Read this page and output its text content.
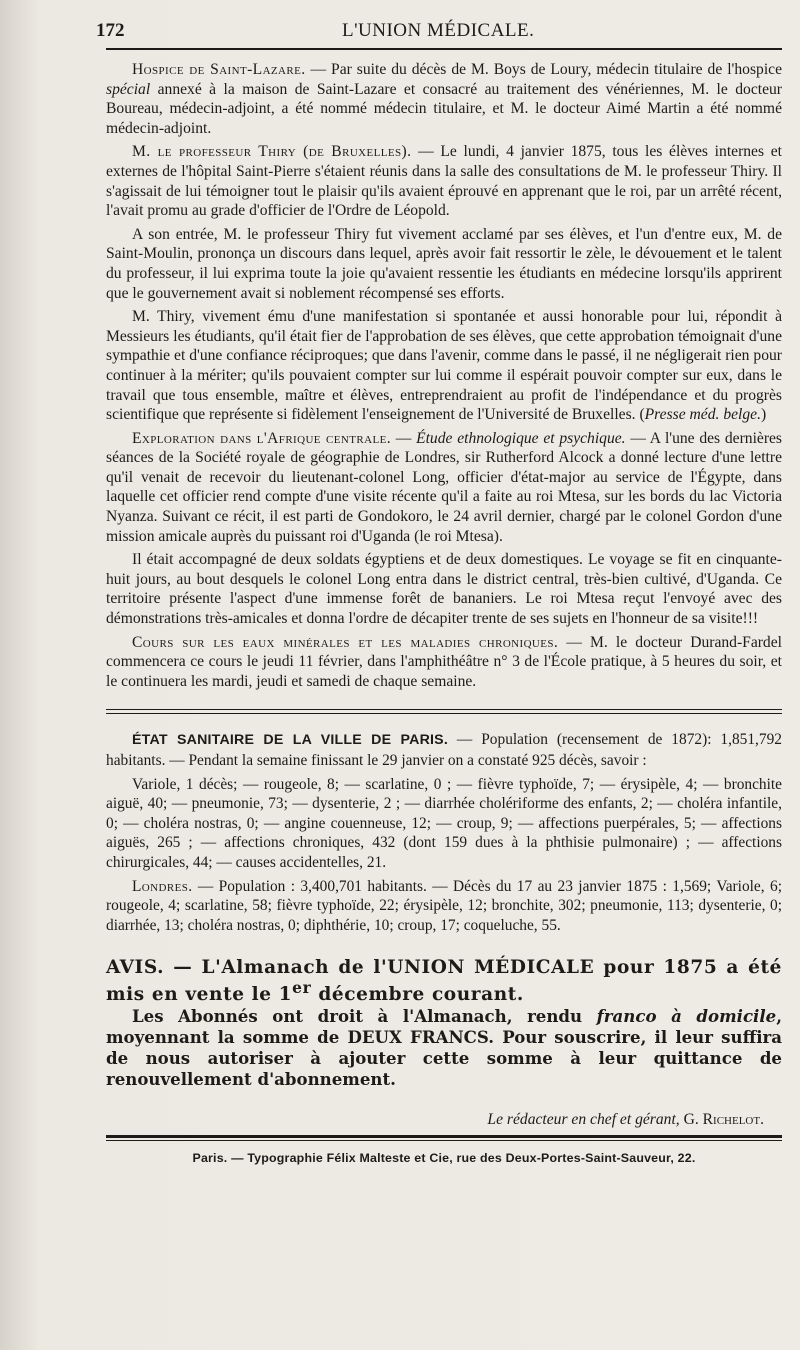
172	L'UNION MÉDICALE.

Hospice de Saint-Lazare. — Par suite du décès de M. Boys de Loury, médecin titulaire de l'hospice spécial annexé à la maison de Saint-Lazare et consacré au traitement des vénériennes, M. le docteur Boureau, médecin-adjoint, a été nommé médecin titulaire, et M. le docteur Aimé Martin a été nommé médecin-adjoint.

M. le professeur Thiry (de Bruxelles). — Le lundi, 4 janvier 1875, tous les élèves internes et externes de l'hôpital Saint-Pierre s'étaient réunis dans la salle des consultations de M. le professeur Thiry. Il s'agissait de lui témoigner tout le plaisir qu'ils avaient éprouvé en apprenant que le roi, par un arrêté récent, l'avait promu au grade d'officier de l'Ordre de Léopold.

A son entrée, M. le professeur Thiry fut vivement acclamé par ses élèves, et l'un d'entre eux, M. de Saint-Moulin, prononça un discours dans lequel, après avoir fait ressortir le zèle, le dévouement et le talent du professeur, il lui exprima toute la joie qu'avaient ressentie les étudiants en médecine lorsqu'ils apprirent que le gouvernement avait si noblement récompensé ses efforts.

M. Thiry, vivement ému d'une manifestation si spontanée et aussi honorable pour lui, répondit à Messieurs les étudiants, qu'il était fier de l'approbation de ses élèves, que cette approbation témoignait d'une sympathie et d'une confiance réciproques; que dans l'avenir, comme dans le passé, il ne négligerait rien pour continuer à la mériter; qu'ils pouvaient compter sur lui comme il espérait pouvoir compter sur eux, dans le travail que tous ensemble, maître et élèves, entreprendraient au profit de l'indépendance et du progrès scientifique que représente si fidèlement l'enseignement de l'Université de Bruxelles. (Presse méd. belge.)

Exploration dans l'Afrique centrale. — Étude ethnologique et psychique. — A l'une des dernières séances de la Société royale de géographie de Londres, sir Rutherford Alcock a donné lecture d'une lettre qu'il venait de recevoir du lieutenant-colonel Long, officier d'état-major au service de l'Égypte, dans laquelle cet officier rend compte d'une visite récente qu'il a faite au roi Mtesa, sur les bords du lac Victoria Nyanza. Suivant ce récit, il est parti de Gondokoro, le 24 avril dernier, chargé par le colonel Gordon d'une mission amicale auprès du puissant roi d'Uganda (le roi Mtesa).

Il était accompagné de deux soldats égyptiens et de deux domestiques. Le voyage se fit en cinquante-huit jours, au bout desquels le colonel Long entra dans le district central, très-bien cultivé, d'Uganda. Ce territoire présente l'aspect d'une immense forêt de bananiers. Le roi Mtesa reçut l'envoyé avec des démonstrations très-amicales et donna l'ordre de décapiter trente de ses sujets en l'honneur de sa visite!!!

Cours sur les eaux minérales et les maladies chroniques. — M. le docteur Durand-Fardel commencera ce cours le jeudi 11 février, dans l'amphithéâtre n° 3 de l'École pratique, à 5 heures du soir, et le continuera les mardi, jeudi et samedi de chaque semaine.

ÉTAT SANITAIRE DE LA VILLE DE PARIS. — Population (recensement de 1872): 1,851,792 habitants. — Pendant la semaine finissant le 29 janvier on a constaté 925 décès, savoir :

Variole, 1 décès; — rougeole, 8; — scarlatine, 0 ; — fièvre typhoïde, 7; — érysipèle, 4; — bronchite aiguë, 40; — pneumonie, 73; — dysenterie, 2 ; — diarrhée cholériforme des enfants, 2; — choléra infantile, 0; — choléra nostras, 0; — angine couenneuse, 12; — croup, 9; — affections puerpérales, 5; — affections aiguës, 265 ; — affections chroniques, 432 (dont 159 dues à la phthisie pulmonaire) ; — affections chirurgicales, 44; — causes accidentelles, 21.

Londres. — Population : 3,400,701 habitants. — Décès du 17 au 23 janvier 1875 : 1,569; Variole, 6; rougeole, 4; scarlatine, 58; fièvre typhoïde, 22; érysipèle, 12; bronchite, 302; pneumonie, 113; dysenterie, 0; diarrhée, 13; choléra nostras, 0; diphthérie, 10; croup, 17; coqueluche, 55.

AVIS. — L'Almanach de l'UNION MÉDICALE pour 1875 a été mis en vente le 1er décembre courant.
Les Abonnés ont droit à l'Almanach, rendu franco à domicile, moyennant la somme de DEUX FRANCS. Pour souscrire, il leur suffira de nous autoriser à ajouter cette somme à leur quittance de renouvellement d'abonnement.
Le rédacteur en chef et gérant, G. Richelot.
Paris. — Typographie Félix Malteste et Cie, rue des Deux-Portes-Saint-Sauveur, 22.
